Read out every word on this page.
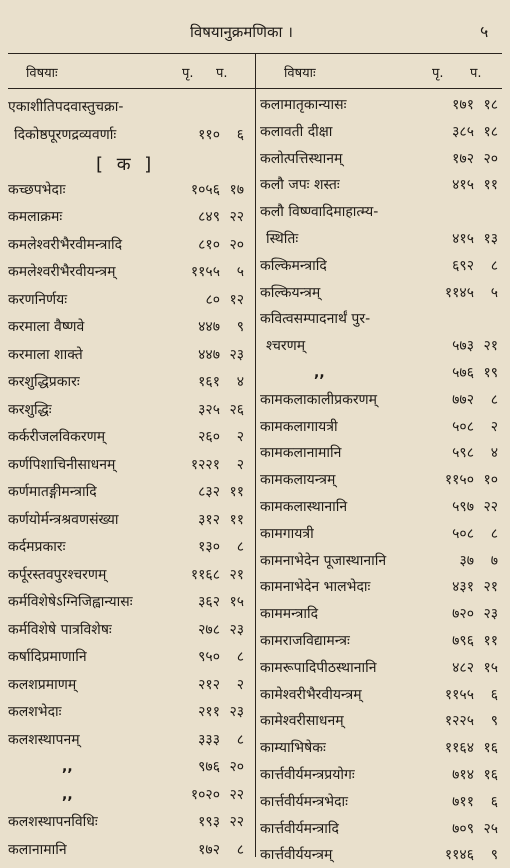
विषयानुक्रमणिका ।	५
विषयाः	पृ. प.
[ क ]
एकाशीतिपदवास्तुचक्रा-
दिकोष्ठपूरणद्रव्यवर्णाः	११० ६
कच्छपभेदाः	१०५६ १७
कमलाक्रमः	८४९ २२
कमलेश्वरीभैरवीमन्त्रादि	८१० २०
कमलेश्वरीभैरवीयन्त्रम्	११५५ ५
करणनिर्णयः	८० १२
करमाला वैष्णवे	४४७ ९
करमाला शाक्ते	४४७ २३
करशुद्धिप्रकारः	१६१ ४
करशुद्धिः	३२५ २६
कर्करीजलविकरणम्	२६० २
कर्णपिशाचिनीसाधनम्	१२२१ २
कर्णमातङ्गीमन्त्रादि	८३२ ११
कर्णयोर्मन्त्रश्रवणसंख्या	३१२ ११
कर्दमप्रकारः	१३० ८
कर्पूरस्तवपुरश्चरणम्	११६८ २१
कर्मविशेषेऽग्निजिह्वान्यासः	३६२ १५
कर्मविशेषे पात्रविशेषः	२७८ २३
कर्षादिप्रमाणानि	९५० ८
कलशप्रमाणम्	२१२ २
कलशभेदाः	२११ २३
कलशस्थापनम्	३३३ ८
,,	९७६ २०
,,	१०२० २२
कलशस्थापनविधिः	१९३ २२
कलानामानि	१७२ ८
विषयाः	पृ. प.
कलामातृकान्यासः	१७१ १८
कलावती दीक्षा	३८५ १८
कलोत्पत्तिस्थानम्	१७२ २०
कलौ जपः शस्तः	४१५ ११
कलौ विष्ण्वादिमाहात्म्य-
स्थितिः	४१५ १३
कल्किमन्त्रादि	६९२ ८
कल्कियन्त्रम्	११४५ ५
कवित्वसम्पादनार्थं पुर-
श्चरणम्	५७३ २१
,,	५७६ १९
कामकलाकालीप्रकरणम्	७७२ ८
कामकलागायत्री	५०८ २
कामकलानामानि	५९८ ४
कामकलायन्त्रम्	११५० १०
कामकलास्थानानि	५९७ २२
कामगायत्री	५०८ ८
कामनाभेदेन पूजास्थानानि	३७ ७
कामनाभेदेन भालभेदाः	४३१ २१
काममन्त्रादि	७२० २३
कामराजविद्यामन्त्रः	७९६ ११
कामरूपादिपीठस्थानानि	४८२ १५
कामेश्वरीभैरवीयन्त्रम्	११५५ ६
कामेश्वरीसाधनम्	१२२५ ९
काम्याभिषेकः	११६४ १६
कार्त्तवीर्यमन्त्रप्रयोगः	७१४ १६
कार्त्तवीर्यमन्त्रभेदाः	७११ ६
कार्त्तवीर्यमन्त्रादि	७०९ २५
कार्त्तवीर्ययन्त्रम्	११४६ ९
